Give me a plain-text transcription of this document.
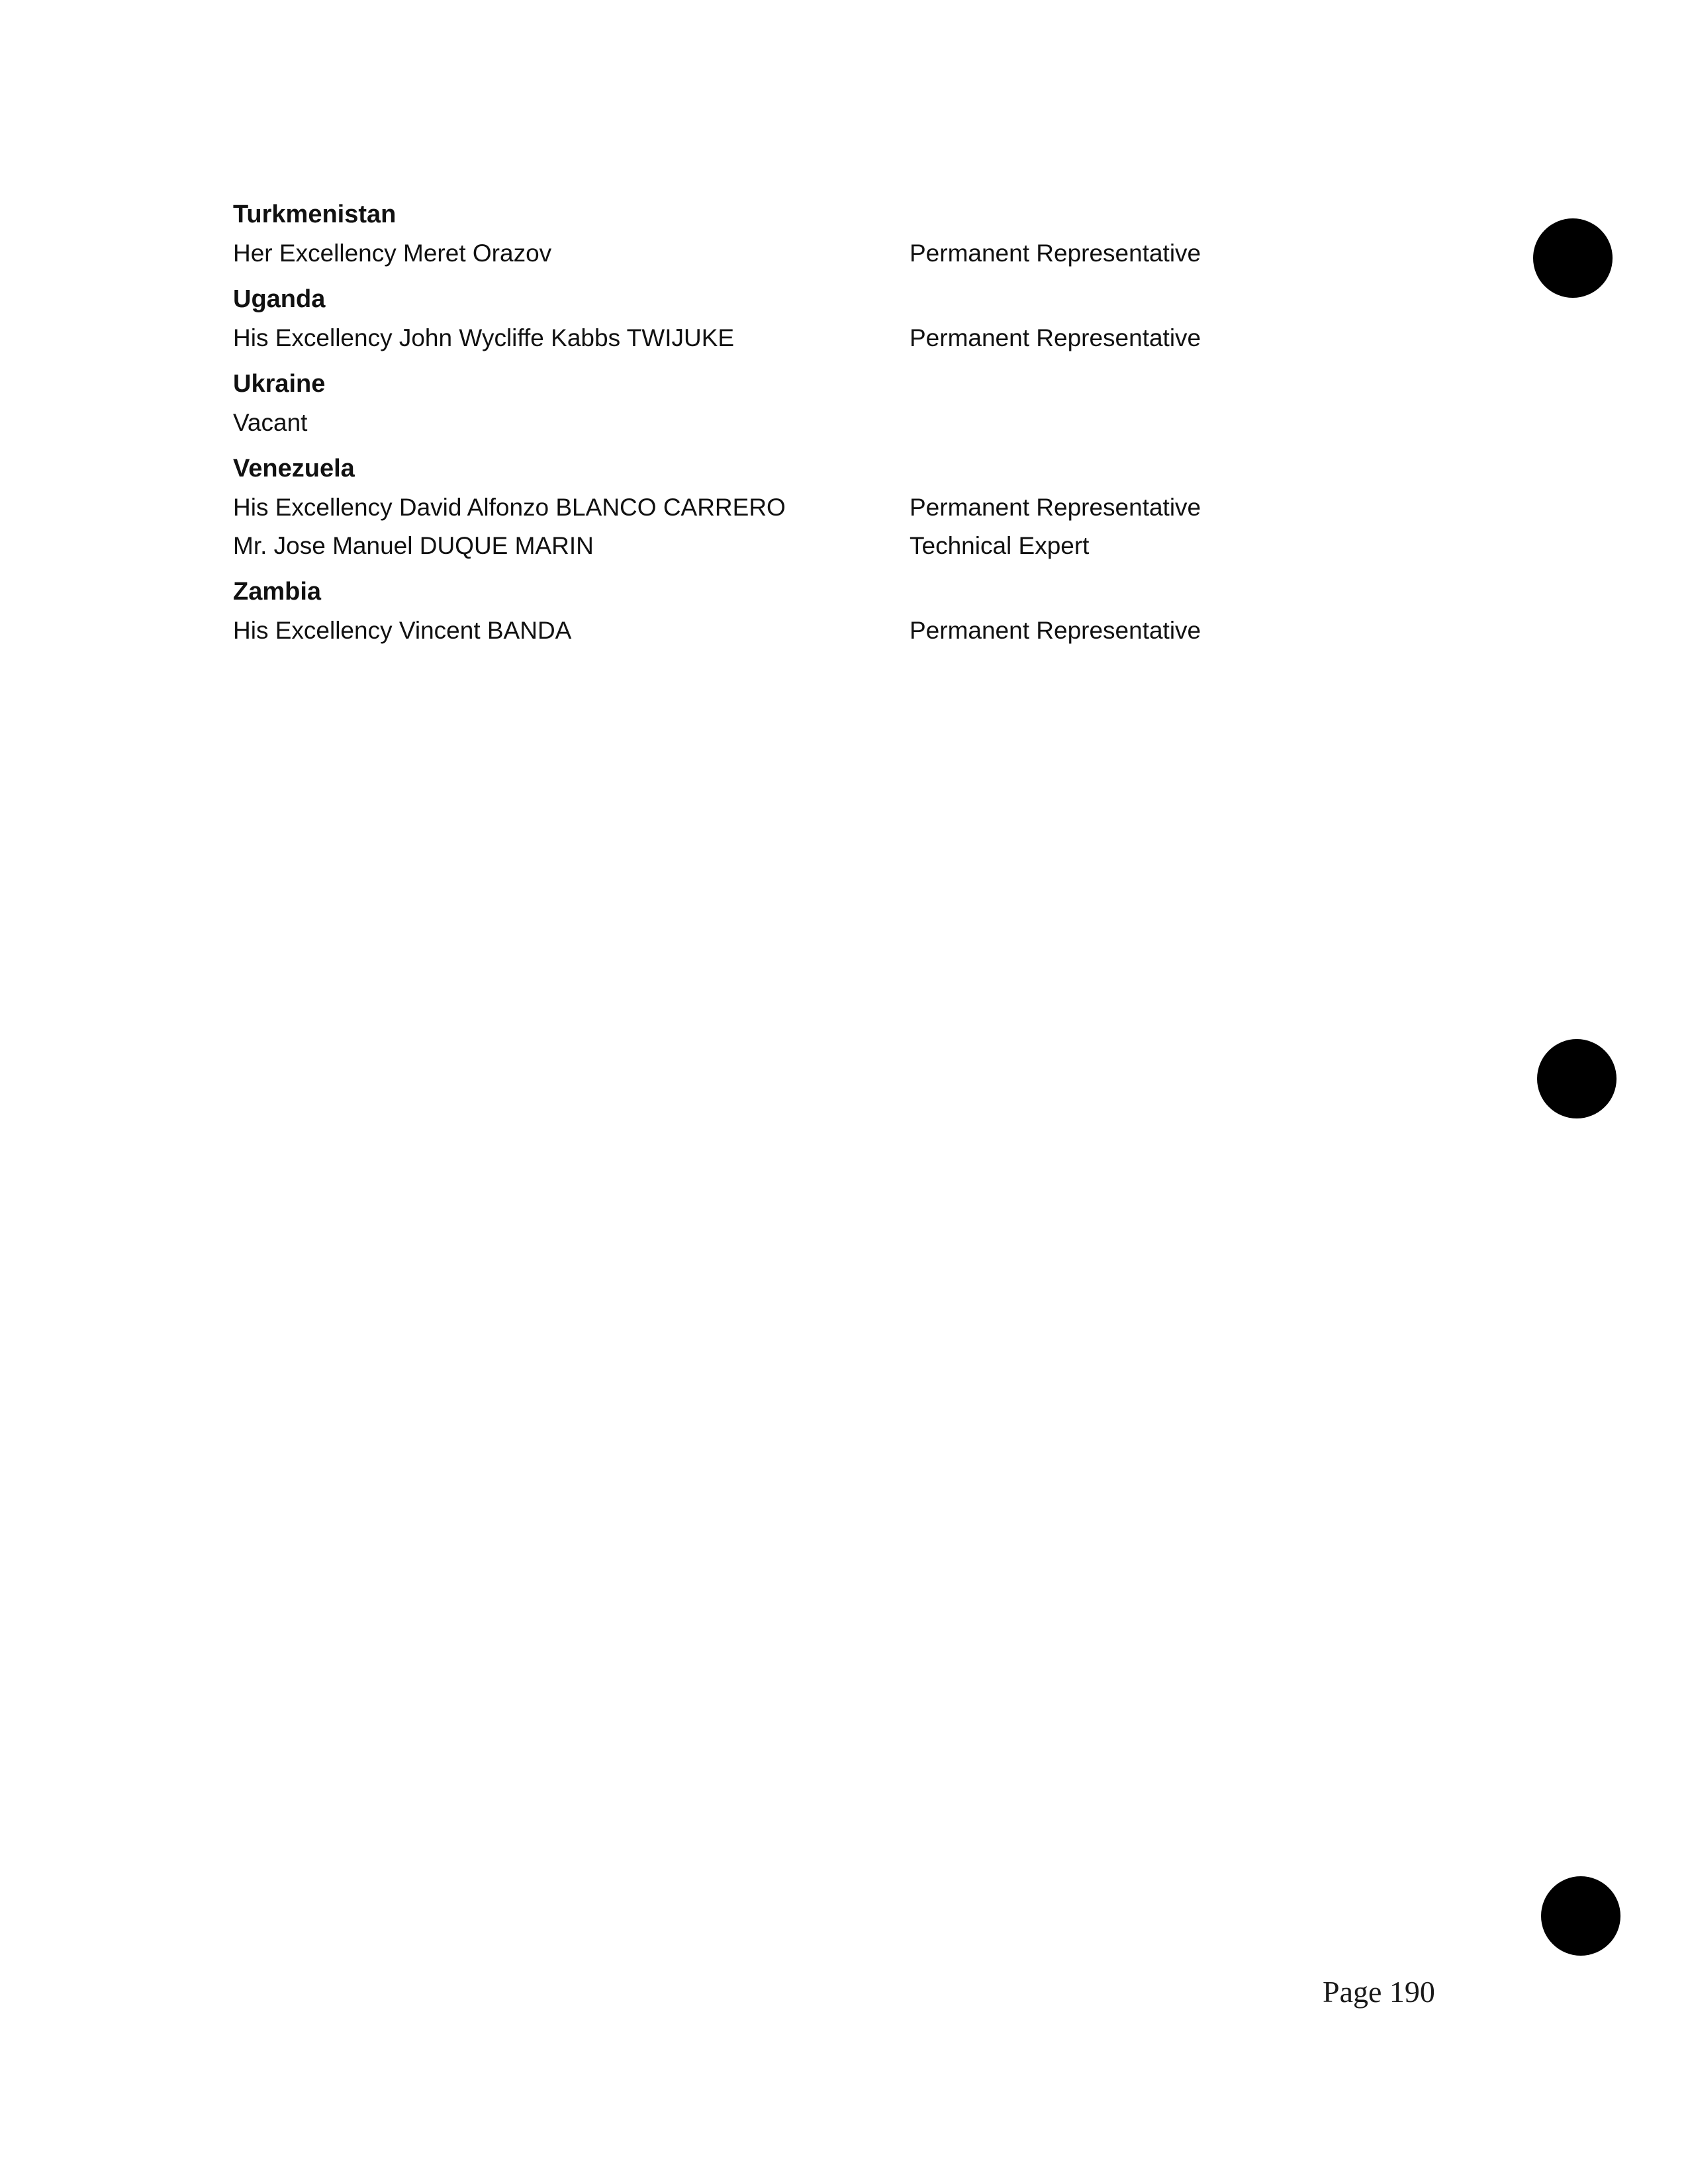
Turkmenistan
Her Excellency Meret Orazov	Permanent Representative
Uganda
His Excellency John Wycliffe Kabbs TWIJUKE	Permanent Representative
Ukraine
Vacant
Venezuela
His Excellency David Alfonzo BLANCO CARRERO	Permanent Representative
Mr. Jose Manuel DUQUE MARIN	Technical Expert
Zambia
His Excellency Vincent BANDA	Permanent Representative
Page 190
